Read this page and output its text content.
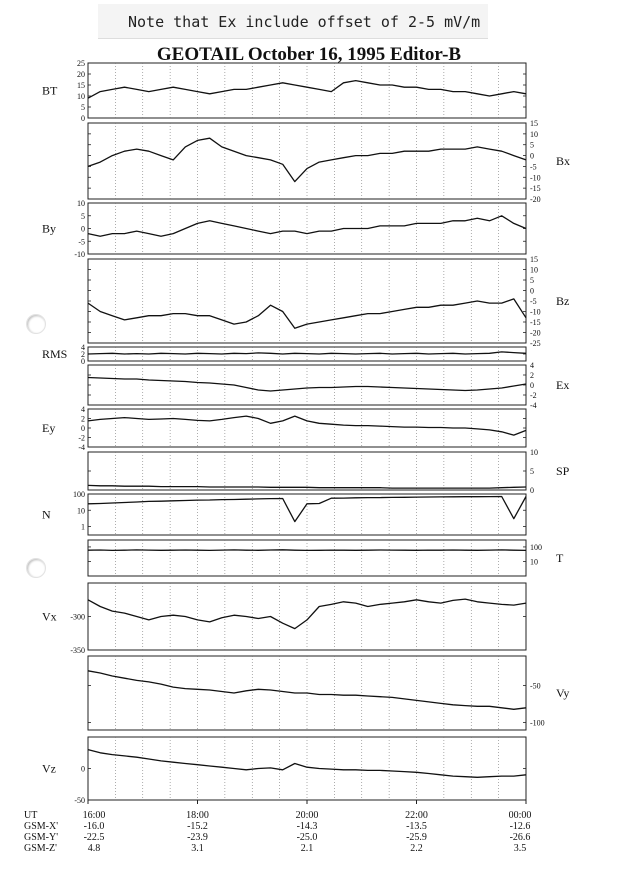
Note that Ex include offset of 2-5 mV/m
GEOTAIL October 16, 1995 Editor-B
25
20
15
10
5
0
BT
15
10
5
0
-5
-10
-15
-20
Bx
10
5
0
-5
-10
By
15
10
5
0
-5
-10
-15
-20
-25
Bz
4
2
0
RMS
4
2
0
-2
-4
Ex
4
2
0
-2
-4
Ey
10
5
0
SP
100
10
1
N
100
10 T
-300
-350
Vx
-50
-100
Vy
0
-50
Vz
UT
GSM-X'
GSM-Y'
GSM-Z'
16:00
-16.0
-22.5
4.8
18:00
-15.2
-23.9
3.1
20:00
-14.3
-25.0
2.1
22:00
-13.5
-25.9
2.2
00:00
-12.6
-26.6
3.5
